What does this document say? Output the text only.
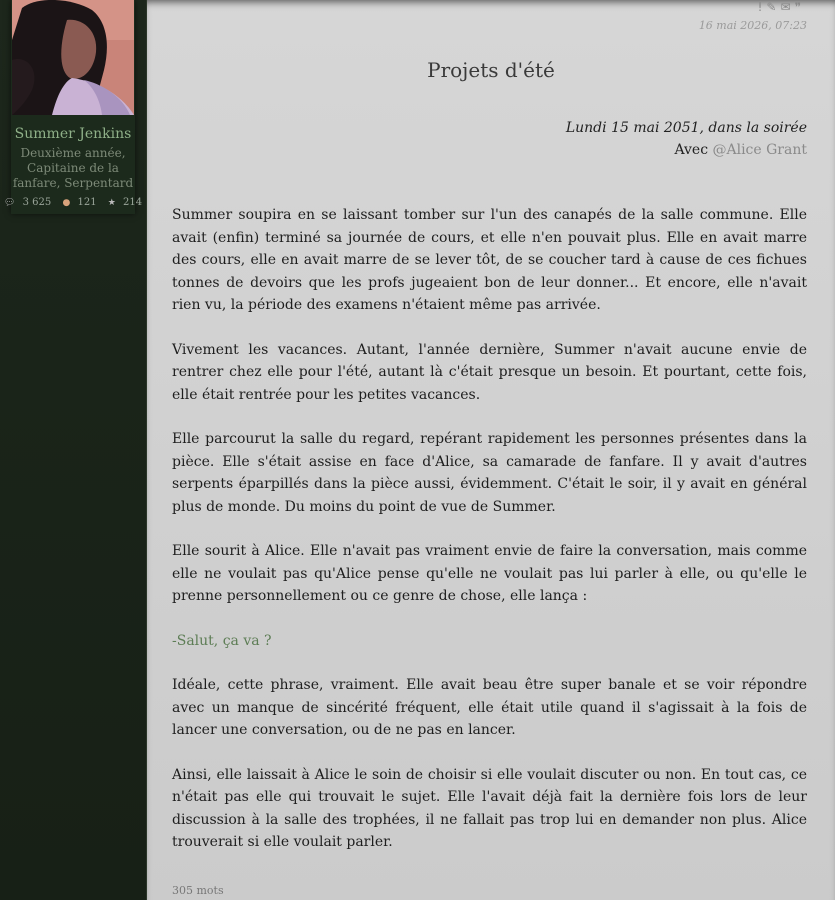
Summer Jenkins
Deuxième année, Capitaine de la fanfare, Serpentard
💬︎ 3 625 ● 121 ★ 214
!✎✉❞
16 mai 2026, 07:23
Projets d'été
Lundi 15 mai 2051, dans la soirée
Avec @Alice Grant

Summer soupira en se laissant tomber sur l'un des canapés de la salle commune. Elle avait (enfin) terminé sa journée de cours, et elle n'en pouvait plus. Elle en avait marre des cours, elle en avait marre de se lever tôt, de se coucher tard à cause de ces fichues tonnes de devoirs que les profs jugeaient bon de leur donner... Et encore, elle n'avait rien vu, la période des examens n'étaient même pas arrivée.

Vivement les vacances. Autant, l'année dernière, Summer n'avait aucune envie de rentrer chez elle pour l'été, autant là c'était presque un besoin. Et pourtant, cette fois, elle était rentrée pour les petites vacances.

Elle parcourut la salle du regard, repérant rapidement les personnes présentes dans la pièce. Elle s'était assise en face d'Alice, sa camarade de fanfare. Il y avait d'autres serpents éparpillés dans la pièce aussi, évidemment. C'était le soir, il y avait en général plus de monde. Du moins du point de vue de Summer.

Elle sourit à Alice. Elle n'avait pas vraiment envie de faire la conversation, mais comme elle ne voulait pas qu'Alice pense qu'elle ne voulait pas lui parler à elle, ou qu'elle le prenne personnellement ou ce genre de chose, elle lança :

-Salut, ça va ?

Idéale, cette phrase, vraiment. Elle avait beau être super banale et se voir répondre avec un manque de sincérité fréquent, elle était utile quand il s'agissait à la fois de lancer une conversation, ou de ne pas en lancer.

Ainsi, elle laissait à Alice le soin de choisir si elle voulait discuter ou non. En tout cas, ce n'était pas elle qui trouvait le sujet. Elle l'avait déjà fait la dernière fois lors de leur discussion à la salle des trophées, il ne fallait pas trop lui en demander non plus. Alice trouverait si elle voulait parler.

305 mots
